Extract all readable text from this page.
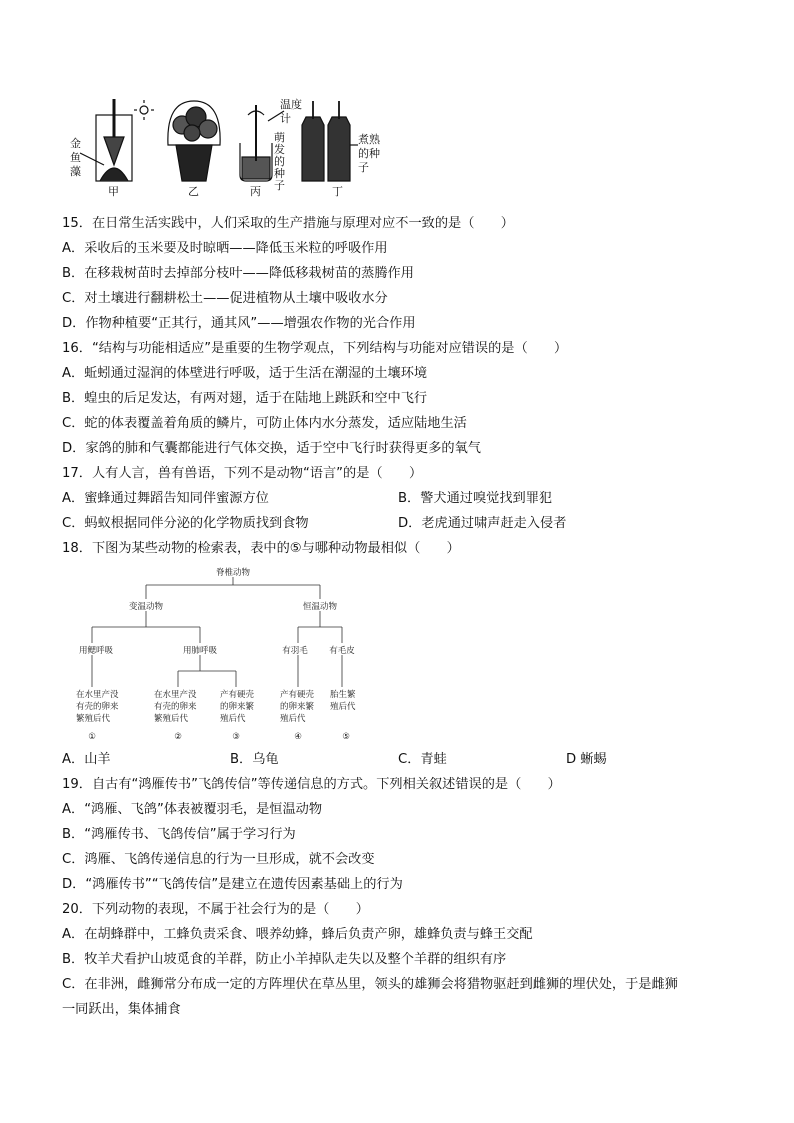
金
鱼
藻
甲	乙
温度
计
萌
发
的
种
子
丙
煮熟
的种
子
丁
15．在日常生活实践中，人们采取的生产措施与原理对应不一致的是（　　）
A．采收后的玉米要及时晾晒——降低玉米粒的呼吸作用
B．在移栽树苗时去掉部分枝叶——降低移栽树苗的蒸腾作用
C．对土壤进行翻耕松土——促进植物从土壤中吸收水分
D．作物种植要“正其行，通其风”——增强农作物的光合作用
16．“结构与功能相适应”是重要的生物学观点，下列结构与功能对应错误的是（　　）
A．蚯蚓通过湿润的体壁进行呼吸，适于生活在潮湿的土壤环境
B．蝗虫的后足发达，有两对翅，适于在陆地上跳跃和空中飞行
C．蛇的体表覆盖着角质的鳞片，可防止体内水分蒸发，适应陆地生活
D．家鸽的肺和气囊都能进行气体交换，适于空中飞行时获得更多的氧气
17．人有人言，兽有兽语，下列不是动物“语言”的是（　　）
A．蜜蜂通过舞蹈告知同伴蜜源方位	B．警犬通过嗅觉找到罪犯
C．蚂蚁根据同伴分泌的化学物质找到食物	D．老虎通过啸声赶走入侵者
18．下图为某些动物的检索表，表中的⑤与哪种动物最相似（　　）
脊椎动物
变温动物	恒温动物
用鳃呼吸	用肺呼吸	有羽毛	有毛皮
在水里产没
有壳的卵来
繁殖后代
在水里产没
有壳的卵来
繁殖后代
产有硬壳
的卵来繁
殖后代
产有硬壳
的卵来繁
殖后代
胎生繁
殖后代
①	②	③	④	⑤
A．山羊	B．乌龟	C．青蛙	D 蜥蜴
19．自古有“鸿雁传书”飞鸽传信”等传递信息的方式。下列相关叙述错误的是（　　）
A．“鸿雁、飞鸽”体表被覆羽毛，是恒温动物
B．“鸿雁传书、飞鸽传信”属于学习行为
C．鸿雁、飞鸽传递信息的行为一旦形成，就不会改变
D．“鸿雁传书”“飞鸽传信”是建立在遗传因素基础上的行为
20．下列动物的表现，不属于社会行为的是（　　）
A．在胡蜂群中，工蜂负责采食、喂养幼蜂，蜂后负责产卵，雄蜂负责与蜂王交配
B．牧羊犬看护山坡觅食的羊群，防止小羊掉队走失以及整个羊群的组织有序
C．在非洲，雌狮常分布成一定的方阵埋伏在草丛里，领头的雄狮会将猎物驱赶到雌狮的埋伏处，于是雌狮
一同跃出，集体捕食
